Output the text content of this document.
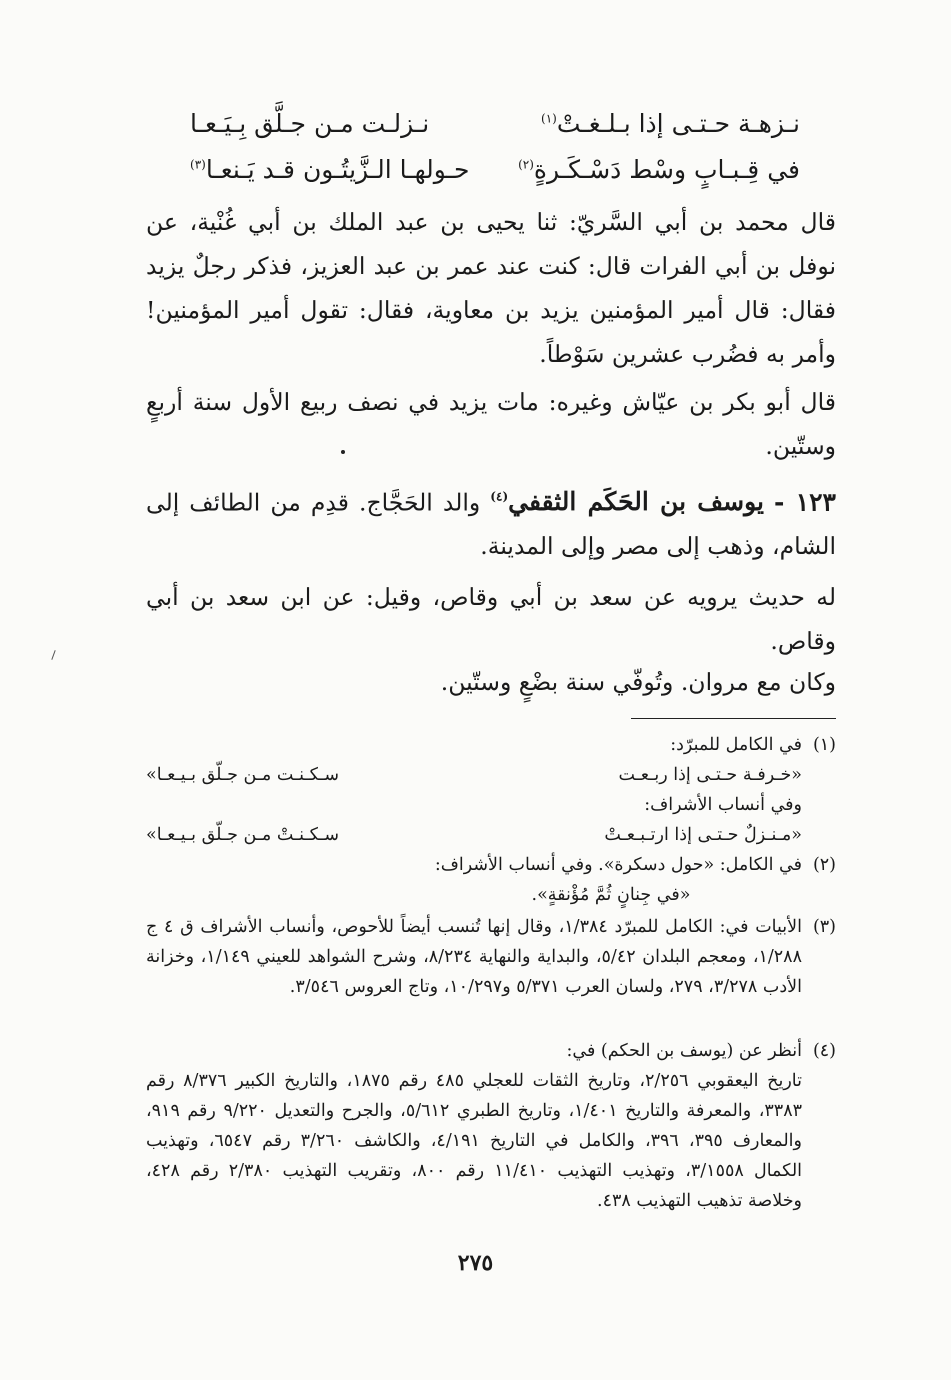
نـزهـة حـتـى إذا بـلـغـتْ$^{(١)}$
نـزلـت مـن جـلَّق بِـيَـعـا
في قِـبـابٍ وسْط دَسْـكَـرةٍ$^{(٢)}$
حـولهـا الـزَّيتُـون قـد يَـنعـا$^{(٣)}$
قال محمد بن أبي السَّريّ: ثنا يحيى بن عبد الملك بن أبي غُنْية، عن نوفل بن أبي الفرات قال: كنت عند عمر بن عبد العزيز، فذكر رجلٌ يزيد فقال: قال أمير المؤمنين يزيد بن معاوية، فقال: تقول أمير المؤمنين! وأمر به فضُرب عشرين سَوْطاً.
قال أبو بكر بن عيّاش وغيره: مات يزيد في نصف ربيع الأول سنة أربعٍ وستّين.
١٢٣ - يوسف بن الحَكَم الثقفي$^{(٤)}$ والد الحَجَّاج. قدِم من الطائف إلى الشام، وذهب إلى مصر وإلى المدينة.
له حديث يرويه عن سعد بن أبي وقاص، وقيل: عن ابن سعد بن أبي وقاص.
وكان مع مروان. وتُوفّي سنة بضْعٍ وستّين.
(١)
في الكامل للمبرّد:
«خـرفـة حـتـى إذا ربـعـت
سـكـنـت مـن جـلّق بـيـعـا»
وفي أنساب الأشراف:
«مـنـزلٌ حـتـى إذا ارتـبـعـتْ
سـكـنـتْ مـن جـلّق بـيـعـا»
(٢)
في الكامل: «حول دسكرة». وفي أنساب الأشراف:
«في جِنانٍ ثُمَّ مُؤْنقةٍ».
(٣)
الأبيات في: الكامل للمبرّد ١/٣٨٤، وقال إنها تُنسب أيضاً للأحوص، وأنساب الأشراف ق ٤ ج ١/٢٨٨، ومعجم البلدان ٥/٤٢، والبداية والنهاية ٨/٢٣٤، وشرح الشواهد للعيني ١/١٤٩، وخزانة الأدب ٣/٢٧٨، ٢٧٩، ولسان العرب ٥/٣٧١ و١٠/٢٩٧، وتاج العروس ٣/٥٤٦.
(٤)
أنظر عن (يوسف بن الحكم) في:
تاريخ اليعقوبي ٢/٢٥٦، وتاريخ الثقات للعجلي ٤٨٥ رقم ١٨٧٥، والتاريخ الكبير ٨/٣٧٦ رقم ٣٣٨٣، والمعرفة والتاريخ ١/٤٠١، وتاريخ الطبري ٥/٦١٢، والجرح والتعديل ٩/٢٢٠ رقم ٩١٩، والمعارف ٣٩٥، ٣٩٦، والكامل في التاريخ ٤/١٩١، والكاشف ٣/٢٦٠ رقم ٦٥٤٧، وتهذيب الكمال ٣/١٥٥٨، وتهذيب التهذيب ١١/٤١٠ رقم ٨٠٠، وتقريب التهذيب ٢/٣٨٠ رقم ٤٢٨، وخلاصة تذهيب التهذيب ٤٣٨.
٢٧٥
